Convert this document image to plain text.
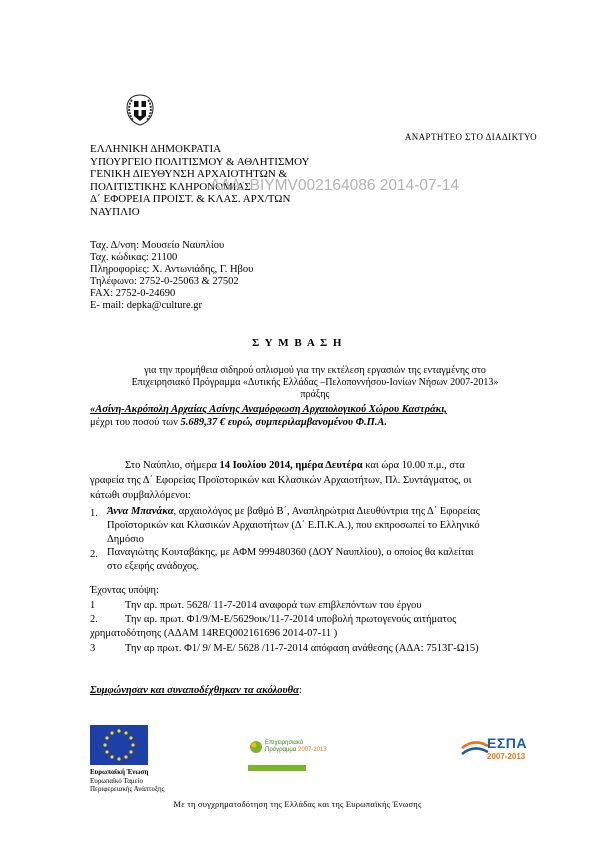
ΑΝΑΡΤΗΤΕΟ ΣΤΟ ΔΙΑΔΙΚΤΥΟ
ΕΛΛΗΝΙΚΗ ΔΗΜΟΚΡΑΤΙΑ
ΥΠΟΥΡΓΕΙΟ ΠΟΛΙΤΙΣΜΟΥ & ΑΘΛΗΤΙΣΜΟΥ
ΓΕΝΙΚΗ ΔΙΕΥΘΥΝΣΗ ΑΡΧΑΙΟΤΗΤΩΝ &
ΠΟΛΙΤΙΣΤΙΚΗΣ ΚΛΗΡΟΝΟΜΙΑΣ
Δ΄ ΕΦΟΡΕΙΑ ΠΡΟΙΣΤ. & ΚΛΑΣ. ΑΡΧ/ΤΩΝ
ΝΑΥΠΛΙΟ
ΑΔΑ: ΒΙΥΜV002164086 2014-07-14
Ταχ. Δ/νση: Μουσείο Ναυπλίου
Ταχ. κώδικας: 21100
Πληροφορίες: Χ. Αντωνιάδης, Γ. Ηβου
Τηλέφωνο: 2752-0-25063 & 27502
FAX: 2752-0-24690
E- mail: depka@culture.gr
Σ Υ Μ Β Α Σ Η
για την προμήθεια σιδηρού οπλισμού για την εκτέλεση εργασιών της ενταγμένης στο
Επιχειρησιακό Πρόγραμμα «Δυτικής Ελλάδας –Πελοποννήσου-Ιονίων Νήσων 2007-2013»
πράξης
«Ασίνη-Ακρόπολη Αρχαίας Ασίνης Αναμόρφωση Αρχαιολογικού Χώρου Καστράκι,
μέχρι του ποσού των 5.689,37 € ευρώ, συμπεριλαμβανομένου Φ.Π.Α.
Στο Ναύπλιο, σήμερα 14 Ιουλίου 2014, ημέρα Δευτέρα και ώρα 10.00 π.μ., στα
γραφεία της Δ΄ Εφορείας Προϊστορικών και Κλασικών Αρχαιοτήτων, Πλ. Συντάγματος, οι
κάτωθι συμβαλλόμενοι:
1. Άννα Μπανάκα, αρχαιολόγος με βαθμό Β΄, Αναπληρώτρια Διευθύντρια της Δ΄ Εφορείας
Προϊστορικών και Κλασικών Αρχαιοτήτων (Δ΄ Ε.Π.Κ.Α.), που εκπροσωπεί το Ελληνικό
Δημόσιο
2. Παναγιώτης Κουταβάκης, με ΑΦΜ 999480360 (ΔΟΥ Ναυπλίου), ο οποίος θα καλείται
στο εξεφής ανάδοχος.
Έχοντας υπόψη:
1	Την αρ. πρωτ. 5628/ 11-7-2014 αναφορά των επιβλεπόντων του έργου
2.	Την αρ. πρωτ. Φ1/9/Μ-Ε/5629οικ/11-7-2014 υποβολή πρωτογενούς αιτήματος
χρηματοδότησης (ΑΔΑΜ 14REQ002161696 2014-07-11 )
3	Την αρ πρωτ. Φ1/ 9/ Μ-Ε/ 5628 /11-7-2014 απόφαση ανάθεσης (ΑΔΑ: 7513Γ-Ω15)
Συμφώνησαν και συναποδέχθηκαν τα ακόλουθα:
Ευρωπαϊκή Ένωση
Ευρωπαϊκό Ταμείο
Περιφερειακής Ανάπτυξης
Επιχειρησιακό
Πρόγραμμα 2007-2013	ΕΣΠΑ
2007-2013
Με τη συγχρηματοδότηση της Ελλάδας και της Ευρωπαϊκής Ένωσης
